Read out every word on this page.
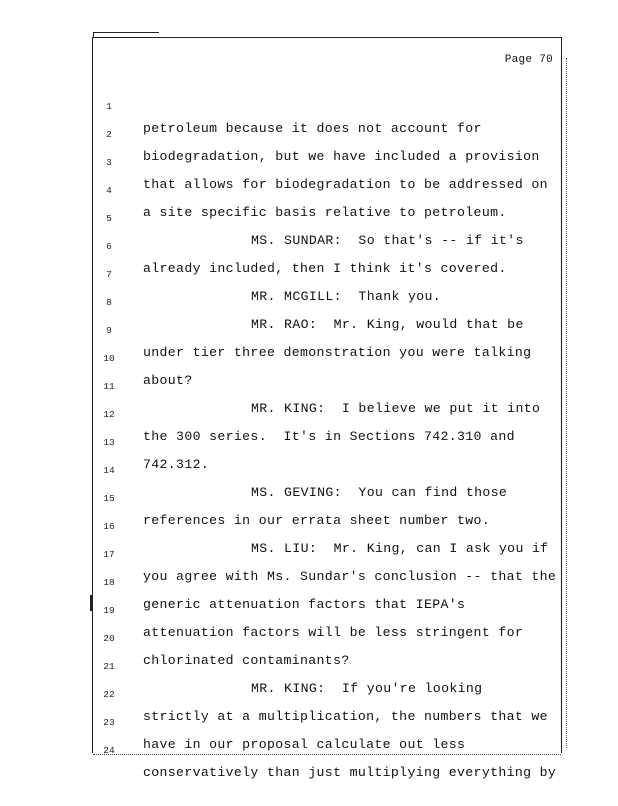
Page 70

1

petroleum because it does not account for

2

biodegradation, but we have included a provision

3

that allows for biodegradation to be addressed on

4

a site specific basis relative to petroleum.

5

MS. SUNDAR:  So that's -- if it's

6

already included, then I think it's covered.

7

MR. MCGILL:  Thank you.

8

MR. RAO:  Mr. King, would that be

9

under tier three demonstration you were talking

10

about?

11

MR. KING:  I believe we put it into

12

the 300 series.  It's in Sections 742.310 and

13

742.312.

14

MS. GEVING:  You can find those

15

references in our errata sheet number two.

16

MS. LIU:  Mr. King, can I ask you if

17

you agree with Ms. Sundar's conclusion -- that the

18

generic attenuation factors that IEPA's

19

attenuation factors will be less stringent for

20

chlorinated contaminants?

21

MR. KING:  If you're looking

22

strictly at a multiplication, the numbers that we

23

have in our proposal calculate out less

24

conservatively than just multiplying everything by
